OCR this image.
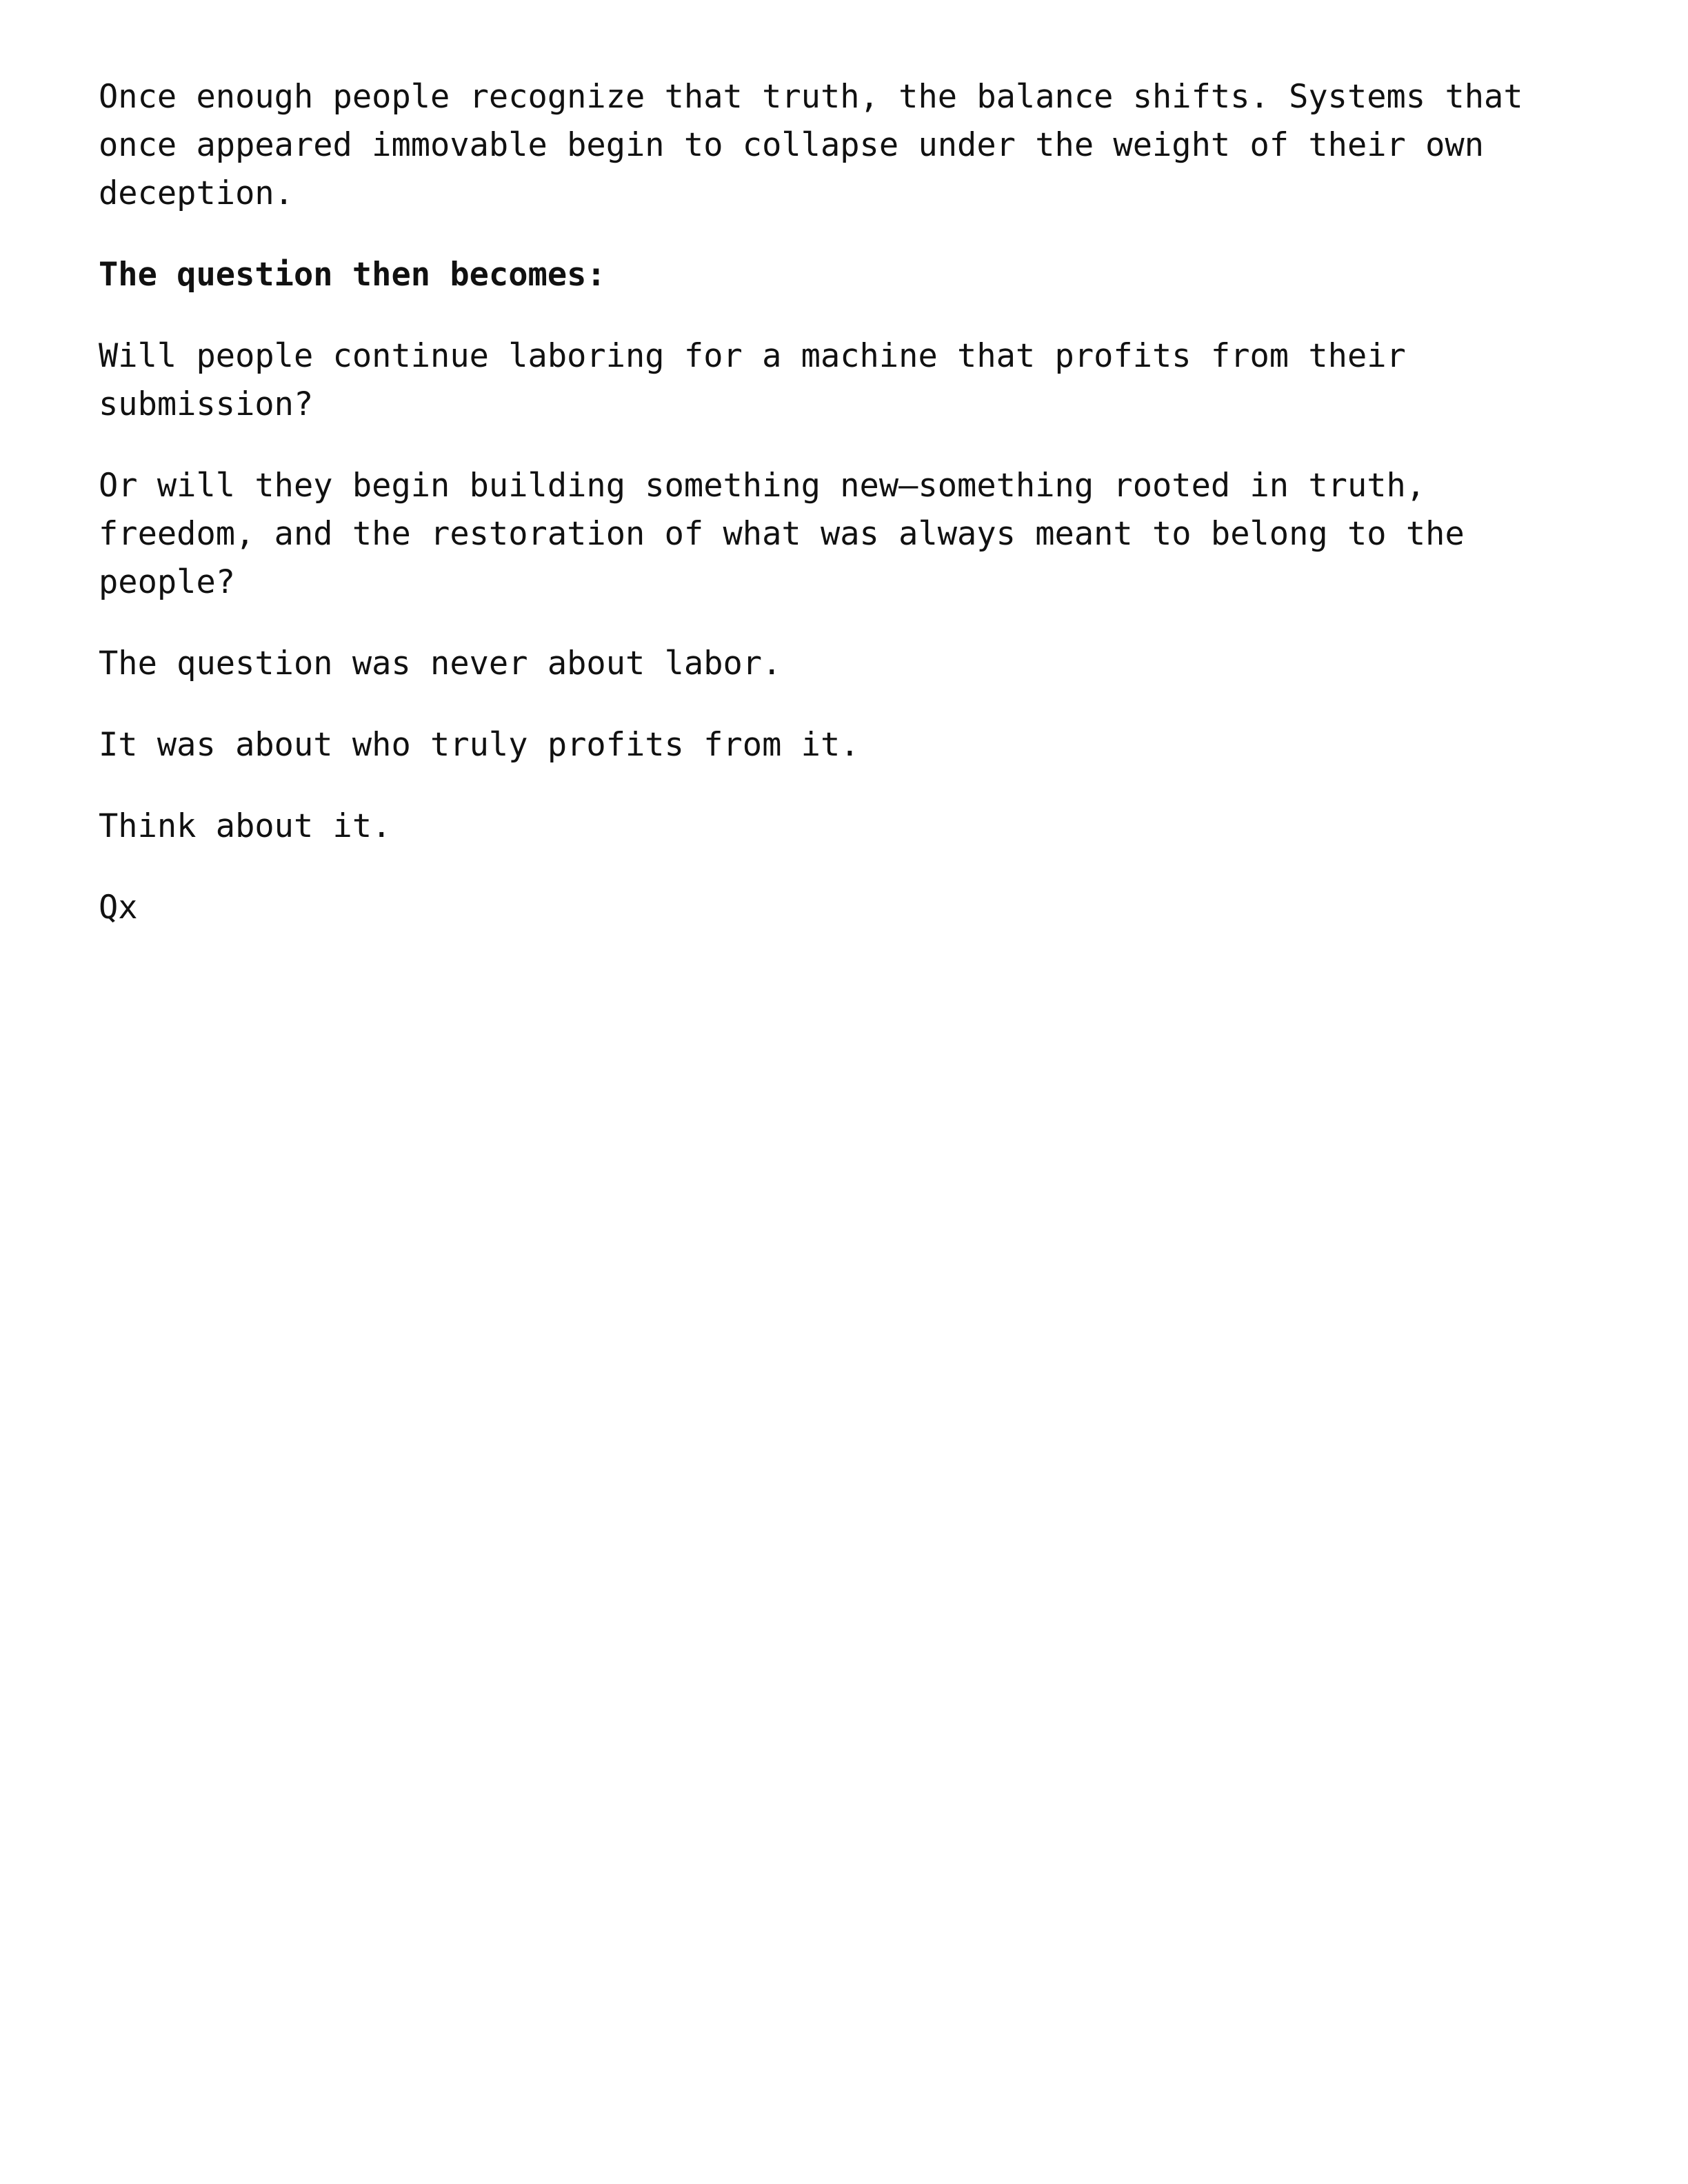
Once enough people recognize that truth, the balance shifts. Systems that
once appeared immovable begin to collapse under the weight of their own
deception.

The question then becomes:

Will people continue laboring for a machine that profits from their
submission?

Or will they begin building something new—something rooted in truth,
freedom, and the restoration of what was always meant to belong to the
people?

The question was never about labor.

It was about who truly profits from it.

Think about it.

Qx
